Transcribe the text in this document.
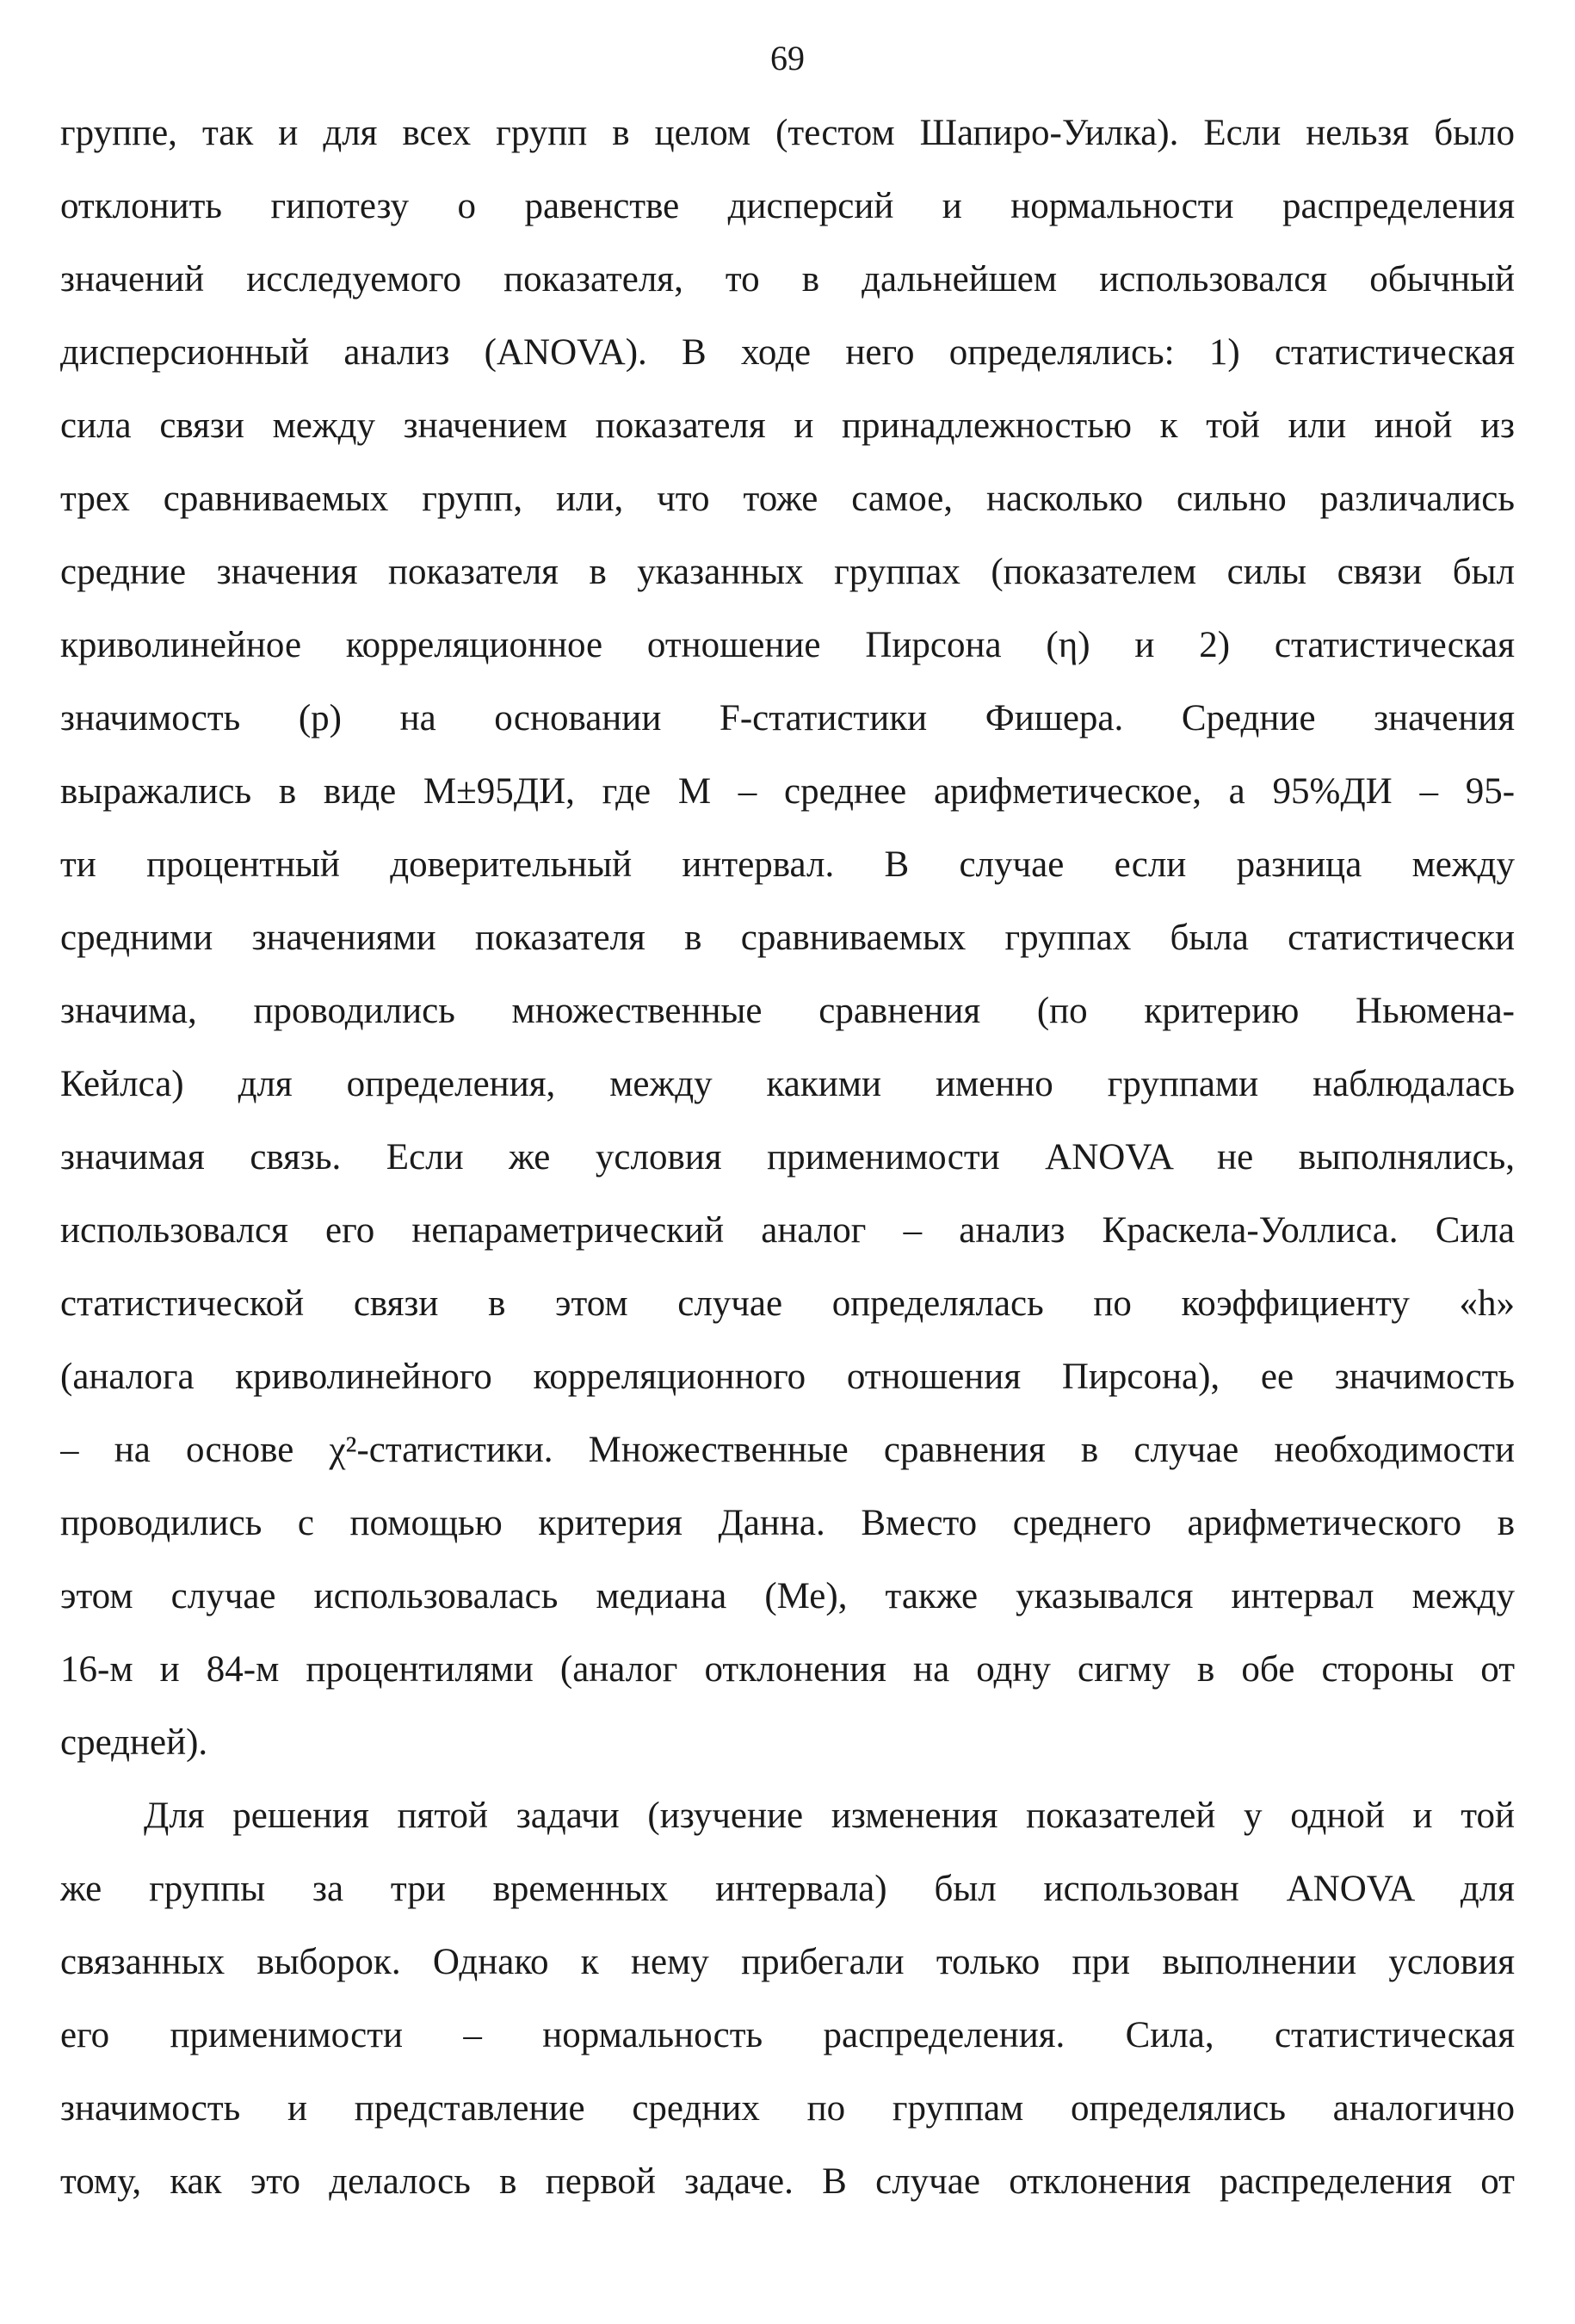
69

группе, так и для всех групп в целом (тестом Шапиро-Уилка). Если нельзя было
отклонить гипотезу о равенстве дисперсий и нормальности распределения
значений исследуемого показателя, то в дальнейшем использовался обычный
дисперсионный анализ (ANOVA). В ходе него определялись: 1) статистическая
сила связи между значением показателя и принадлежностью к той или иной из
трех сравниваемых групп, или, что тоже самое, насколько сильно различались
средние значения показателя в указанных группах (показателем силы связи был
криволинейное корреляционное отношение Пирсона (η) и 2) статистическая
значимость (р) на основании F-статистики Фишера. Средние значения
выражались в виде М±95ДИ, где М – среднее арифметическое, а 95%ДИ – 95-
ти процентный доверительный интервал. В случае если разница между
средними значениями показателя в сравниваемых группах была статистически
значима, проводились множественные сравнения (по критерию Ньюмена-
Кейлса) для определения, между какими именно группами наблюдалась
значимая связь. Если же условия применимости ANOVA не выполнялись,
использовался его непараметрический аналог – анализ Краскела-Уоллиса. Сила
статистической связи в этом случае определялась по коэффициенту «h»
(аналога криволинейного корреляционного отношения Пирсона), ее значимость
– на основе χ²-статистики. Множественные сравнения в случае необходимости
проводились с помощью критерия Данна. Вместо среднего арифметического в
этом случае использовалась медиана (Ме), также указывался интервал между
16-м и 84-м процентилями (аналог отклонения на одну сигму в обе стороны от
средней).
Для решения пятой задачи (изучение изменения показателей у одной и той
же группы за три временных интервала) был использован ANOVA для
связанных выборок. Однако к нему прибегали только при выполнении условия
его применимости – нормальность распределения. Сила, статистическая
значимость и представление средних по группам определялись аналогично
тому, как это делалось в первой задаче. В случае отклонения распределения от
